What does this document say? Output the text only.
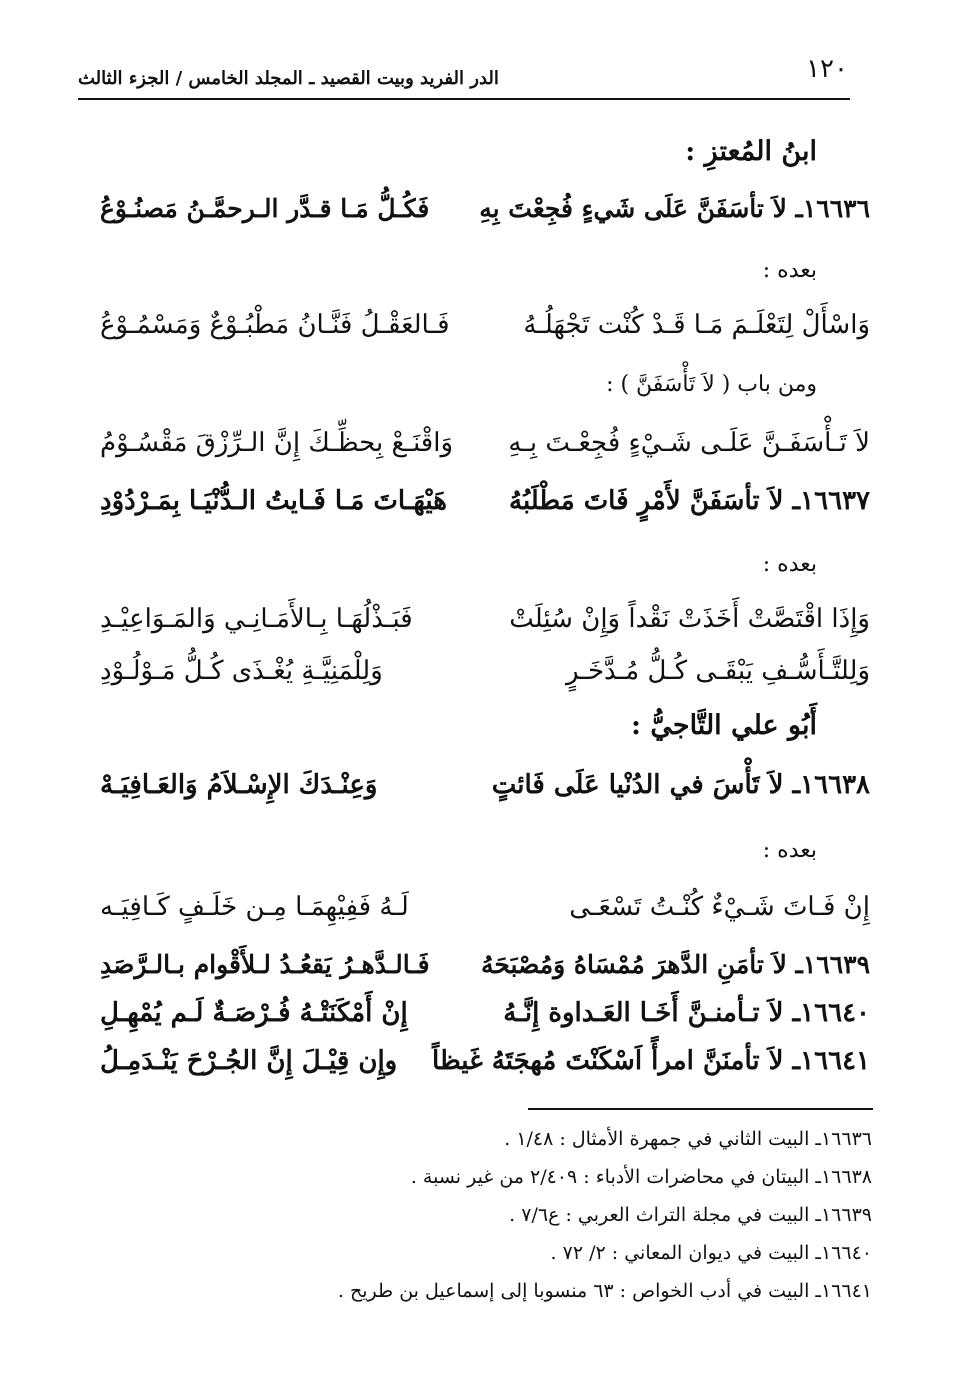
١٢٠
الدر الفريد وبيت القصيد ـ المجلد الخامس / الجزء الثالث
ابنُ المُعتزِ :
١٦٦٣٦ـ لاَ تأسَفَنَّ عَلَى شَيءٍ فُجِعْتَ بِهِ
فَكُـلُّ مَـا قـدَّر الـرحمَّـنُ مَصنُـوْعُ
بعده :
وَاسْأَلْ لِتَعْلَـمَ مَـا قَـدْ كُنْت تَجْهَلُـهُ
فَـالعَقْـلُ فَنَّـانُ مَطْبُـوْعٌ وَمَسْمُـوْعُ
ومن باب ( لاَ تَأْسَفَنَّ ) :
لاَ تَـأْسَفَـنَّ عَلَـى شَـيْءٍ فُجِعْـتَ بِـهِ
وَاقْنَـعْ بِحظِّـكَ إِنَّ الـرِّزْقَ مَقْسُـوْمُ
١٦٦٣٧ـ لاَ تأسَفَنَّ لأَمْرٍ فَاتَ مَطْلَبُهُ
هَيْهَـاتَ مَـا فَـايتُ الـدُّنْيَـا بِمَـرْدُوْدِ
بعده :
وَإِذَا اقْتَصَّتْ أَخَذَتْ نَقْداً وَإِنْ سُئِلَتْ
فَبَـذْلُهَـا بِـالأَمَـانِـي وَالمَـوَاعِيْـدِ
وَلِلتَّـأَسُّـفِ يَبْقَـى كُـلُّ مُـدَّخَـرٍ
وَلِلْمَنِيَّـةِ يُغْـذَى كُـلُّ مَـوْلُـوْدِ
أَبُو علي التَّاجيُّ :
١٦٦٣٨ـ لاَ تَأْسَ في الدُنْيا عَلَى فَائتٍ
وَعِنْـدَكَ الإِسْـلاَمُ وَالعَـافِيَـهْ
بعده :
إِنْ فَـاتَ شَـيْءٌ كُنْـتُ تَسْعَـى
لَـهُ فَفِيْهِمَـا مِـن خَلَـفٍ كَـافِيَـه
١٦٦٣٩ـ لاَ تأمَنِ الدَّهرَ مُمْسَاهُ وَمُصْبَحَهُ
فَـالـدَّهـرُ يَقعُـدُ لـلأَقْوام بـالـرَّصَدِ
١٦٦٤٠ـ لاَ تـأمنـنَّ أَخَـا العَـداوة إِنَّـهُ
إِنْ أَمْكَنَتْـهُ فُـرْصَـةٌ لَـم يُمْهِـلِ
١٦٦٤١ـ لاَ تأمنَنَّ امرأً اَسْكَنْتَ مُهجَتَهُ غَيظاً
وإِن قِيْـلَ إِنَّ الجُـرْحَ يَنْـدَمِـلُ
١٦٦٣٦ـ البيت الثاني في جمهرة الأمثال : ١/٤٨ .
١٦٦٣٨ـ البيتان في محاضرات الأدباء : ٢/٤٠٩ من غير نسبة .
١٦٦٣٩ـ البيت في مجلة التراث العربي : ع٧/٦ .
١٦٦٤٠ـ البيت في ديوان المعاني : ٢/ ٧٢ .
١٦٦٤١ـ البيت في أدب الخواص : ٦٣ منسوبا إلى إسماعيل بن طريح .
